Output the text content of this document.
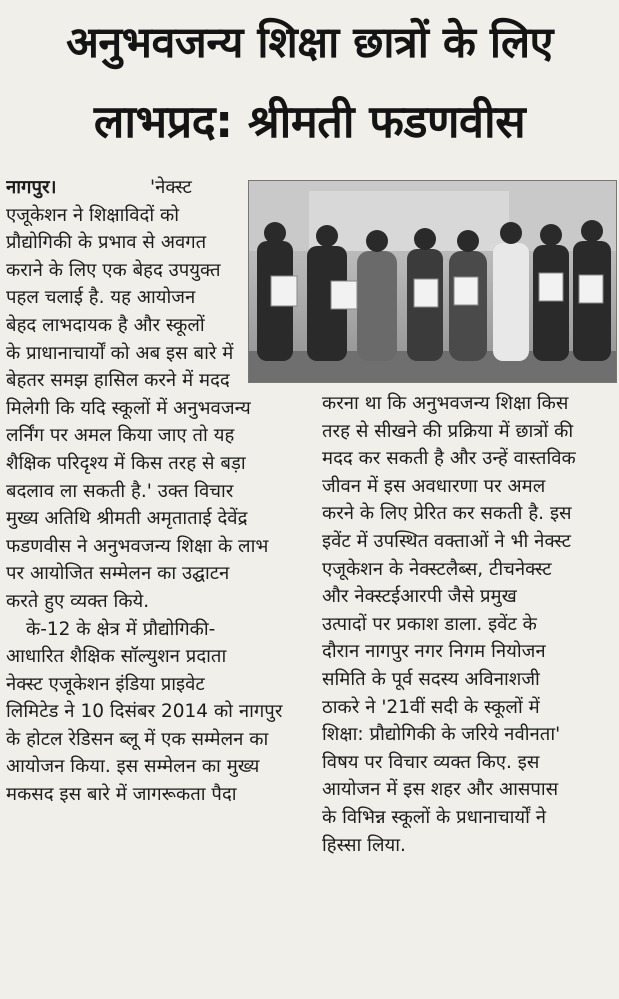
अनुभवजन्य शिक्षा छात्रों के लिए
लाभप्रद: श्रीमती फडणवीस
नागपुर।
एजूकेशन ने शिक्षाविदों को
प्रौद्योगिकी के प्रभाव से अवगत
कराने के लिए एक बेहद उपयुक्त
पहल चलाई है. यह आयोजन
बेहद लाभदायक है और स्कूलों
के प्राधानाचार्यों को अब इस बारे में
बेहतर समझ हासिल करने में मदद
मिलेगी कि यदि स्कूलों में अनुभवजन्य
लर्निंग पर अमल किया जाए तो यह
शैक्षिक परिदृश्य में किस तरह से बड़ा
बदलाव ला सकती है.' उक्त विचार
मुख्य अतिथि श्रीमती अमृताताई देवेंद्र
फडणवीस ने अनुभवजन्य शिक्षा के लाभ
पर आयोजित सम्मेलन का उद्घाटन
करते हुए व्यक्त किये.
के-12 के क्षेत्र में प्रौद्योगिकी-
आधारित शैक्षिक सॉल्युशन प्रदाता
नेक्स्ट एजूकेशन इंडिया प्राइवेट
लिमिटेड ने 10 दिसंबर 2014 को नागपुर
के होटल रेडिसन ब्लू में एक सम्मेलन का
आयोजन किया. इस सम्मेलन का मुख्य
मकसद इस बारे में जागरूकता पैदा
'नेक्स्ट
करना था कि अनुभवजन्य शिक्षा किस
तरह से सीखने की प्रक्रिया में छात्रों की
मदद कर सकती है और उन्हें वास्तविक
जीवन में इस अवधारणा पर अमल
करने के लिए प्रेरित कर सकती है. इस
इवेंट में उपस्थित वक्ताओं ने भी नेक्स्ट
एजूकेशन के नेक्स्टलैब्स, टीचनेक्स्ट
और नेक्स्टईआरपी जैसे प्रमुख
उत्पादों पर प्रकाश डाला. इवेंट के
दौरान नागपुर नगर निगम नियोजन
समिति के पूर्व सदस्य अविनाशजी
ठाकरे ने '21वीं सदी के स्कूलों में
शिक्षा: प्रौद्योगिकी के जरिये नवीनता'
विषय पर विचार व्यक्त किए. इस
आयोजन में इस शहर और आसपास
के विभिन्न स्कूलों के प्रधानाचार्यों ने
हिस्सा लिया.
